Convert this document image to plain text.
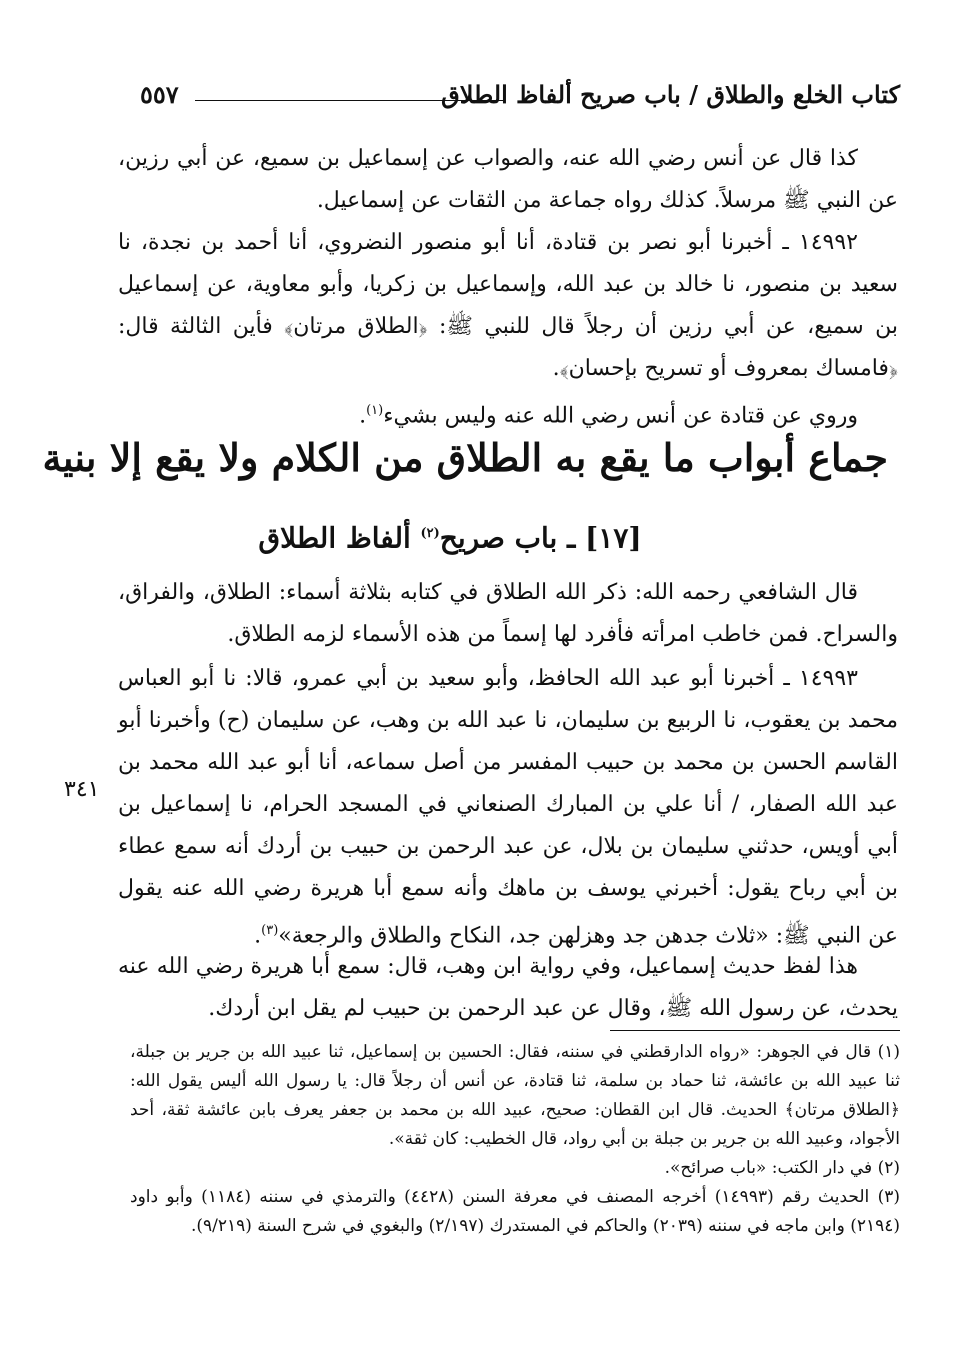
كتاب الخلع والطلاق / باب صريح ألفاظ الطلاق
٥٥٧
كذا قال عن أنس رضي الله عنه، والصواب عن إسماعيل بن سميع، عن أبي رزين، عن النبي ﷺ مرسلاً. كذلك رواه جماعة من الثقات عن إسماعيل.
١٤٩٩٢ ـ أخبرنا أبو نصر بن قتادة، أنا أبو منصور النضروي، أنا أحمد بن نجدة، نا سعيد بن منصور، نا خالد بن عبد الله، وإسماعيل بن زكريا، وأبو معاوية، عن إسماعيل بن سميع، عن أبي رزين أن رجلاً قال للنبي ﷺ: ﴿الطلاق مرتان﴾ فأين الثالثة قال: ﴿فامساك بمعروف أو تسريح بإحسان﴾.
وروي عن قتادة عن أنس رضي الله عنه وليس بشيء$^{(١)}$.
جماع أبواب ما يقع به الطلاق من الكلام ولا يقع إلا بنية
[١٧] ـ باب صريح$^{(٢)}$ ألفاظ الطلاق
قال الشافعي رحمه الله: ذكر الله الطلاق في كتابه بثلاثة أسماء: الطلاق، والفراق، والسراح. فمن خاطب امرأته فأفرد لها إسماً من هذه الأسماء لزمه الطلاق.
١٤٩٩٣ ـ أخبرنا أبو عبد الله الحافظ، وأبو سعيد بن أبي عمرو، قالا: نا أبو العباس محمد بن يعقوب، نا الربيع بن سليمان، نا عبد الله بن وهب، عن سليمان (ح) وأخبرنا أبو القاسم الحسن بن محمد بن حبيب المفسر من أصل سماعه، أنا أبو عبد الله محمد بن عبد الله الصفار، / أنا علي بن المبارك الصنعاني في المسجد الحرام، نا إسماعيل بن أبي أويس، حدثني سليمان بن بلال، عن عبد الرحمن بن حبيب بن أردك أنه سمع عطاء بن أبي رباح يقول: أخبرني يوسف بن ماهك وأنه سمع أبا هريرة رضي الله عنه يقول عن النبي ﷺ: «ثلاث جدهن جد وهزلهن جد، النكاح والطلاق والرجعة»$^{(٣)}$.
٣٤١
هذا لفظ حديث إسماعيل، وفي رواية ابن وهب، قال: سمع أبا هريرة رضي الله عنه يحدث، عن رسول الله ﷺ، وقال عن عبد الرحمن بن حبيب لم يقل ابن أردك.
(١) قال في الجوهر: «رواه الدارقطني في سننه، فقال: الحسين بن إسماعيل، ثنا عبيد الله بن جرير بن جبلة، ثنا عبيد الله بن عائشة، ثنا حماد بن سلمة، ثنا قتادة، عن أنس أن رجلاً قال: يا رسول الله أليس يقول الله: ﴿الطلاق مرتان﴾ الحديث. قال ابن القطان: صحيح، عبيد الله بن محمد بن جعفر يعرف بابن عائشة ثقة، أحد الأجواد، وعبيد الله بن جرير بن جبلة بن أبي رواد، قال الخطيب: كان ثقة».
(٢) في دار الكتب: «باب صرائح».
(٣) الحديث رقم (١٤٩٩٣) أخرجه المصنف في معرفة السنن (٤٤٢٨) والترمذي في سننه (١١٨٤) وأبو داود (٢١٩٤) وابن ماجه في سننه (٢٠٣٩) والحاكم في المستدرك (٢/١٩٧) والبغوي في شرح السنة (٩/٢١٩).
